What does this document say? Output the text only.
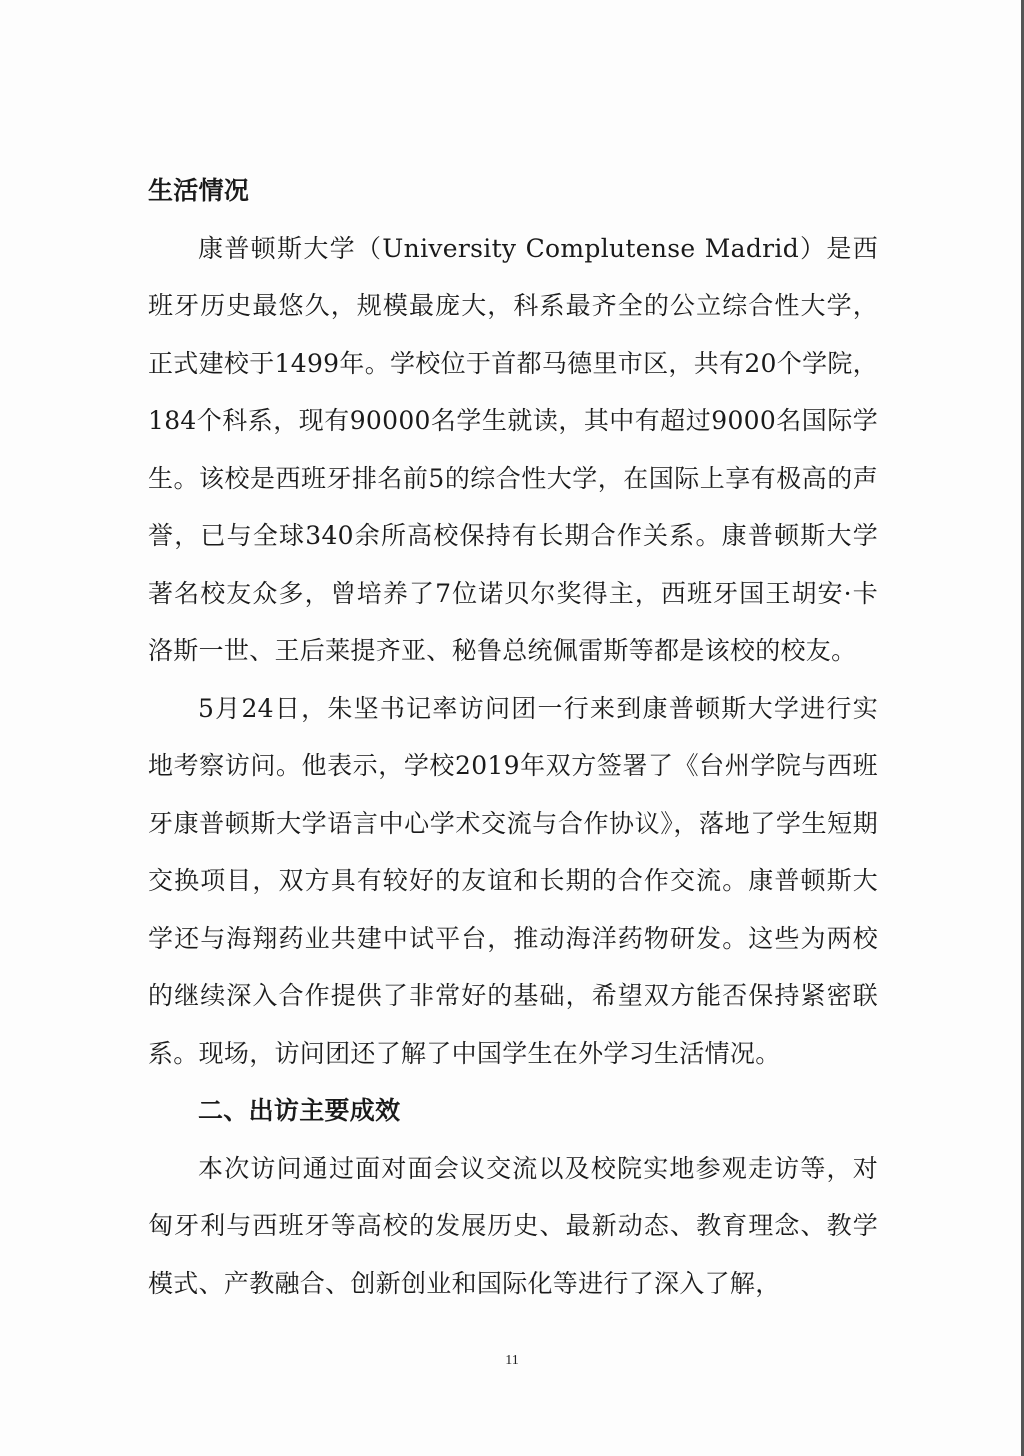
生活情况

康普顿斯大学（University Complutense Madrid）是西班牙历史最悠久，规模最庞大，科系最齐全的公立综合性大学，正式建校于1499年。学校位于首都马德里市区，共有20个学院，184个科系，现有90000名学生就读，其中有超过9000名国际学生。该校是西班牙排名前5的综合性大学，在国际上享有极高的声誉，已与全球340余所高校保持有长期合作关系。康普顿斯大学著名校友众多，曾培养了7位诺贝尔奖得主，西班牙国王胡安·卡洛斯一世、王后莱提齐亚、秘鲁总统佩雷斯等都是该校的校友。

5月24日，朱坚书记率访问团一行来到康普顿斯大学进行实地考察访问。他表示，学校2019年双方签署了《台州学院与西班牙康普顿斯大学语言中心学术交流与合作协议》，落地了学生短期交换项目，双方具有较好的友谊和长期的合作交流。康普顿斯大学还与海翔药业共建中试平台，推动海洋药物研发。这些为两校的继续深入合作提供了非常好的基础，希望双方能否保持紧密联系。现场，访问团还了解了中国学生在外学习生活情况。

二、出访主要成效

本次访问通过面对面会议交流以及校院实地参观走访等，对匈牙利与西班牙等高校的发展历史、最新动态、教育理念、教学模式、产教融合、创新创业和国际化等进行了深入了解，

11
